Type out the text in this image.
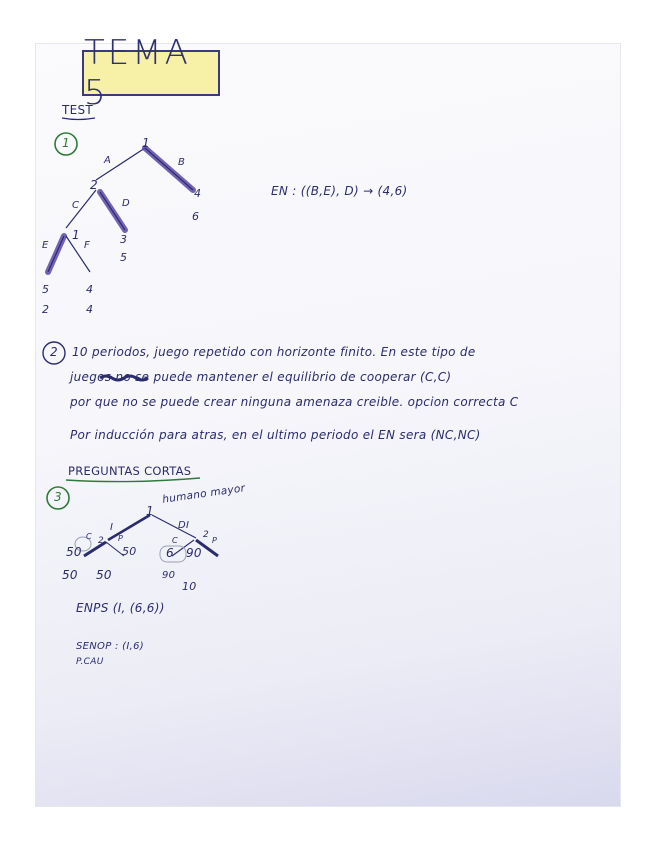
TEMA 5
TEST
1
A	B
2
C	D
1
E	F
4
6
3
5
5
2
4
4
EN : ((B,E), D) → (4,6)
1
2
3
10 periodos, juego repetido con horizonte finito. En este tipo de
juegos no se puede mantener el equilibrio de cooperar (C,C)
por que no se puede crear ninguna amenaza creible. opcion correcta C
Por inducción para atras, en el ultimo periodo el EN sera (NC,NC)
PREGUNTAS CORTAS
1
humano mayor
I	DI
2
2
C	P	C	P
50	50 6 90
50 50	90
10
ENPS (I, (6,6))
SENOP : (I,6)
P.CAU
